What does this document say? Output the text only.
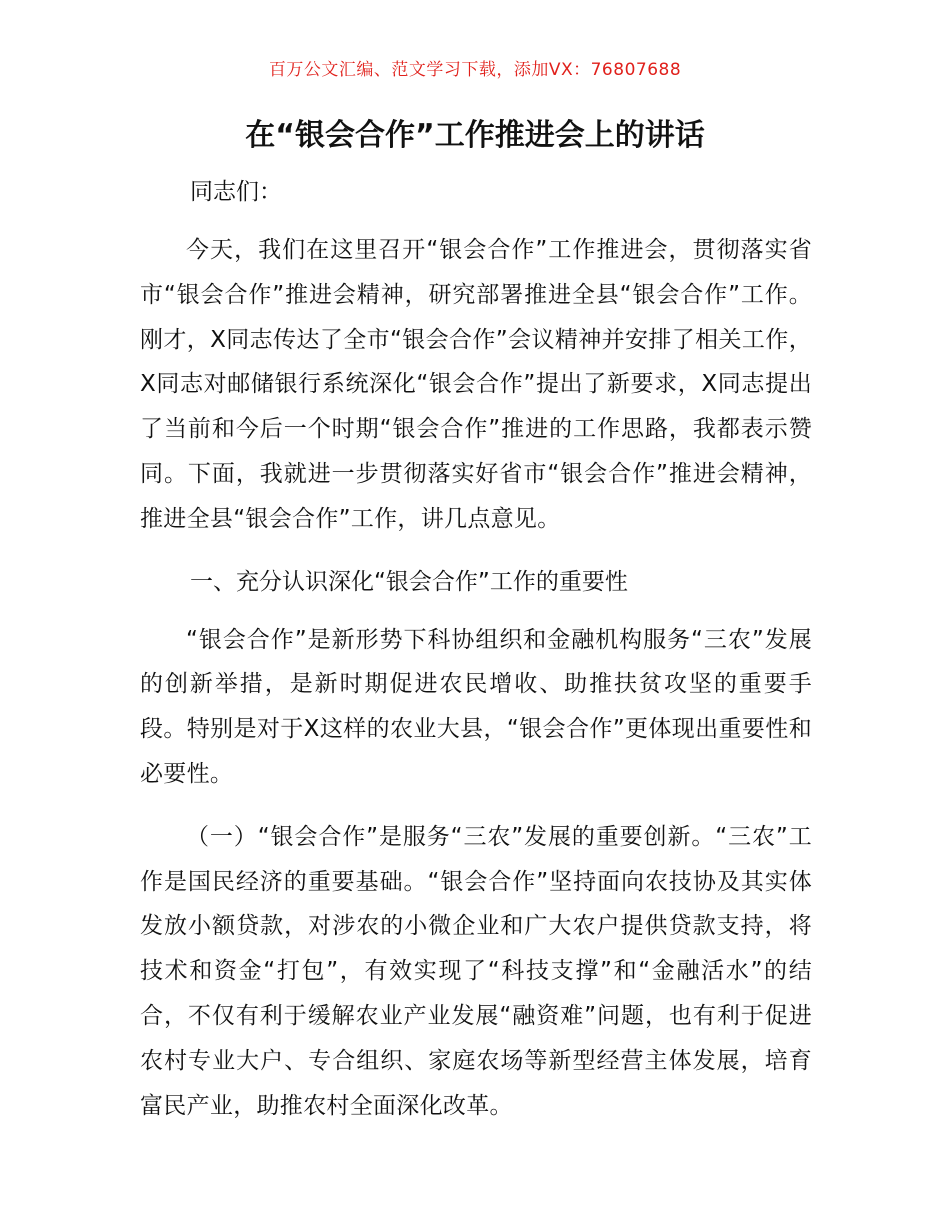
百万公文汇编、范文学习下载，添加VX：76807688
在“银会合作”工作推进会上的讲话

同志们：

今天，我们在这里召开“银会合作”工作推进会，贯彻落实省市“银会合作”推进会精神，研究部署推进全县“银会合作”工作。刚才，X同志传达了全市“银会合作”会议精神并安排了相关工作，X同志对邮储银行系统深化“银会合作”提出了新要求，X同志提出了当前和今后一个时期“银会合作”推进的工作思路，我都表示赞同。下面，我就进一步贯彻落实好省市“银会合作”推进会精神，推进全县“银会合作”工作，讲几点意见。

一、充分认识深化“银会合作”工作的重要性

“银会合作”是新形势下科协组织和金融机构服务“三农”发展的创新举措，是新时期促进农民增收、助推扶贫攻坚的重要手段。特别是对于X这样的农业大县，“银会合作”更体现出重要性和必要性。

（一）“银会合作”是服务“三农”发展的重要创新。“三农”工作是国民经济的重要基础。“银会合作”坚持面向农技协及其实体发放小额贷款，对涉农的小微企业和广大农户提供贷款支持，将技术和资金“打包”，有效实现了“科技支撑”和“金融活水”的结合，不仅有利于缓解农业产业发展“融资难”问题，也有利于促进农村专业大户、专合组织、家庭农场等新型经营主体发展，培育富民产业，助推农村全面深化改革。
